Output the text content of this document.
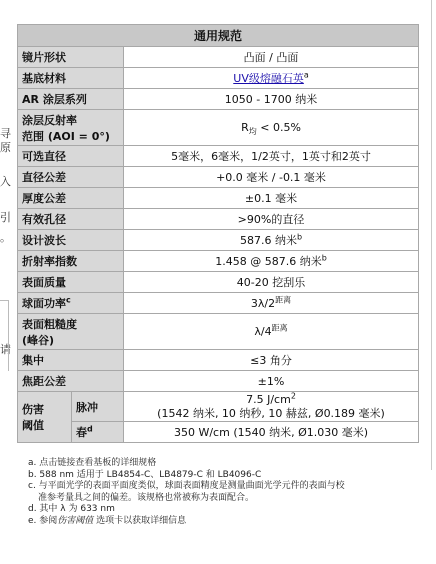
寻
原
入
引
。
请
通用规范		
镜片形状		凸面 / 凸面
基底材料		UV级熔融石英$^a$
AR 涂层系列		1050 - 1700 纳米
涂层反射率
范围 (AOI = 0°)		$R_均 < 0.5\%$
可选直径		5毫米，6毫米，1/2英寸，1英寸和2英寸
直径公差		+0.0 毫米 / -0.1 毫米
厚度公差		±0.1 毫米
有效孔径		>90%的直径
设计波长		587.6 纳米$^b$
折射率指数		1.458 @ 587.6 纳米$^b$
表面质量		40-20 挖刮乐
球面功率$^c$		$3\lambda/2^{距离}$
表面粗糙度
(峰谷)		$\lambda/4^{距离}$
集中		≤3 角分
焦距公差		±1%
伤害
阈值	脉冲	7.5 $J/cm^2$
(1542 纳米, 10 纳秒, 10 赫兹, Ø0.189 毫米)
	春$^d$	350 W/cm (1540 纳米, Ø1.030 毫米)
a. 点击链接查看基板的详细规格
b. 588 nm 适用于 LB4854-C、LB4879-C 和 LB4096-C
c. 与平面光学的表面平面度类似，球面表面精度是测量曲面光学元件的表面与校
准参考量具之间的偏差。该规格也常被称为表面配合。
d. 其中 λ 为 633 nm
e. 参阅伤害阈值 选项卡以获取详细信息
